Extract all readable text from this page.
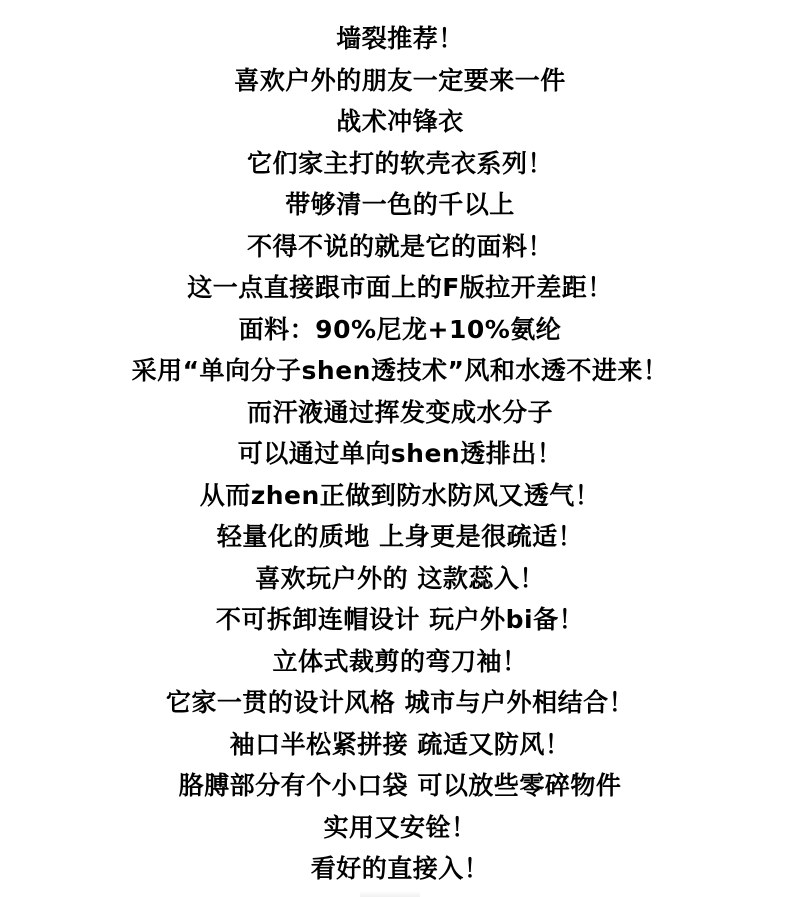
墙裂推荐！
喜欢户外的朋友一定要来一件
战术冲锋衣
它们家主打的软壳衣系列！
带够清一色的千以上
不得不说的就是它的面料！
这一点直接跟市面上的F版拉开差距！
面料：90%尼龙+10%氨纶
采用“单向分子shen透技术”风和水透不进来！
而汗液通过挥发变成水分子
可以通过单向shen透排出！
从而zhen正做到防水防风又透气！
轻量化的质地 上身更是很疏适！
喜欢玩户外的 这款蕊入！
不可拆卸连帽设计 玩户外bi备！
立体式裁剪的弯刀袖！
它家一贯的设计风格 城市与户外相结合！
袖口半松紧拼接 疏适又防风！
胳膊部分有个小口袋 可以放些零碎物件
实用又安铨！
看好的直接入！
